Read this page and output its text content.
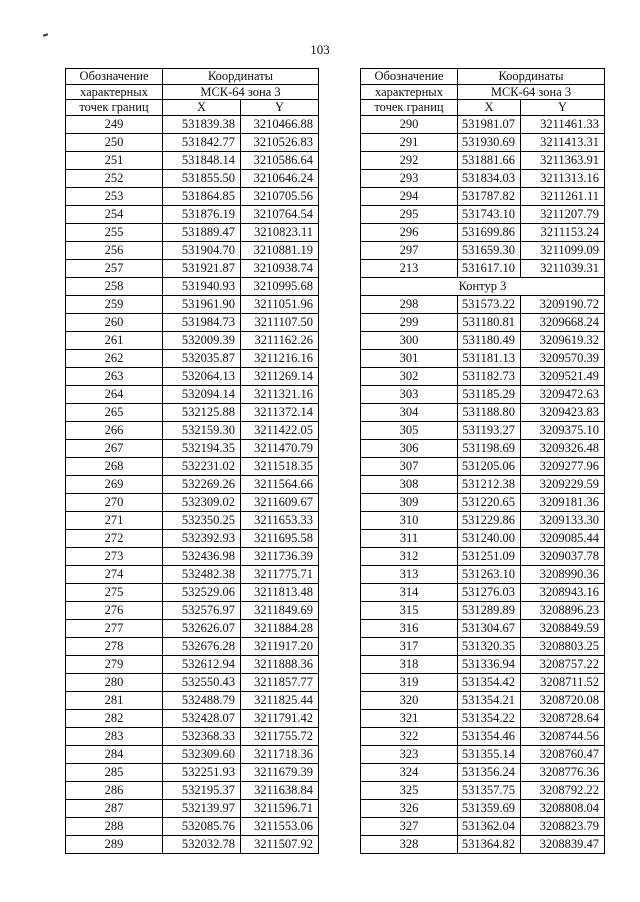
103
Обозначение	Координаты	
характерных	МСК-64 зона 3	
точек границ	X	Y
249	531839.38	3210466.88
250	531842.77	3210526.83
251	531848.14	3210586.64
252	531855.50	3210646.24
253	531864.85	3210705.56
254	531876.19	3210764.54
255	531889.47	3210823.11
256	531904.70	3210881.19
257	531921.87	3210938.74
258	531940.93	3210995.68
259	531961.90	3211051.96
260	531984.73	3211107.50
261	532009.39	3211162.26
262	532035.87	3211216.16
263	532064.13	3211269.14
264	532094.14	3211321.16
265	532125.88	3211372.14
266	532159.30	3211422.05
267	532194.35	3211470.79
268	532231.02	3211518.35
269	532269.26	3211564.66
270	532309.02	3211609.67
271	532350.25	3211653.33
272	532392.93	3211695.58
273	532436.98	3211736.39
274	532482.38	3211775.71
275	532529.06	3211813.48
276	532576.97	3211849.69
277	532626.07	3211884.28
278	532676.28	3211917.20
279	532612.94	3211888.36
280	532550.43	3211857.77
281	532488.79	3211825.44
282	532428.07	3211791.42
283	532368.33	3211755.72
284	532309.60	3211718.36
285	532251.93	3211679.39
286	532195.37	3211638.84
287	532139.97	3211596.71
288	532085.76	3211553.06
289	532032.78	3211507.92
Обозначение	Координаты	
характерных	МСК-64 зона 3	
точек границ	X	Y
290	531981.07	3211461.33
291	531930.69	3211413.31
292	531881.66	3211363.91
293	531834.03	3211313.16
294	531787.82	3211261.11
295	531743.10	3211207.79
296	531699.86	3211153.24
297	531659.30	3211099.09
213	531617.10	3211039.31
Контур 3		
298	531573.22	3209190.72
299	531180.81	3209668.24
300	531180.49	3209619.32
301	531181.13	3209570.39
302	531182.73	3209521.49
303	531185.29	3209472.63
304	531188.80	3209423.83
305	531193.27	3209375.10
306	531198.69	3209326.48
307	531205.06	3209277.96
308	531212.38	3209229.59
309	531220.65	3209181.36
310	531229.86	3209133.30
311	531240.00	3209085.44
312	531251.09	3209037.78
313	531263.10	3208990.36
314	531276.03	3208943.16
315	531289.89	3208896.23
316	531304.67	3208849.59
317	531320.35	3208803.25
318	531336.94	3208757.22
319	531354.42	3208711.52
320	531354.21	3208720.08
321	531354.22	3208728.64
322	531354.46	3208744.56
323	531355.14	3208760.47
324	531356.24	3208776.36
325	531357.75	3208792.22
326	531359.69	3208808.04
327	531362.04	3208823.79
328	531364.82	3208839.47
